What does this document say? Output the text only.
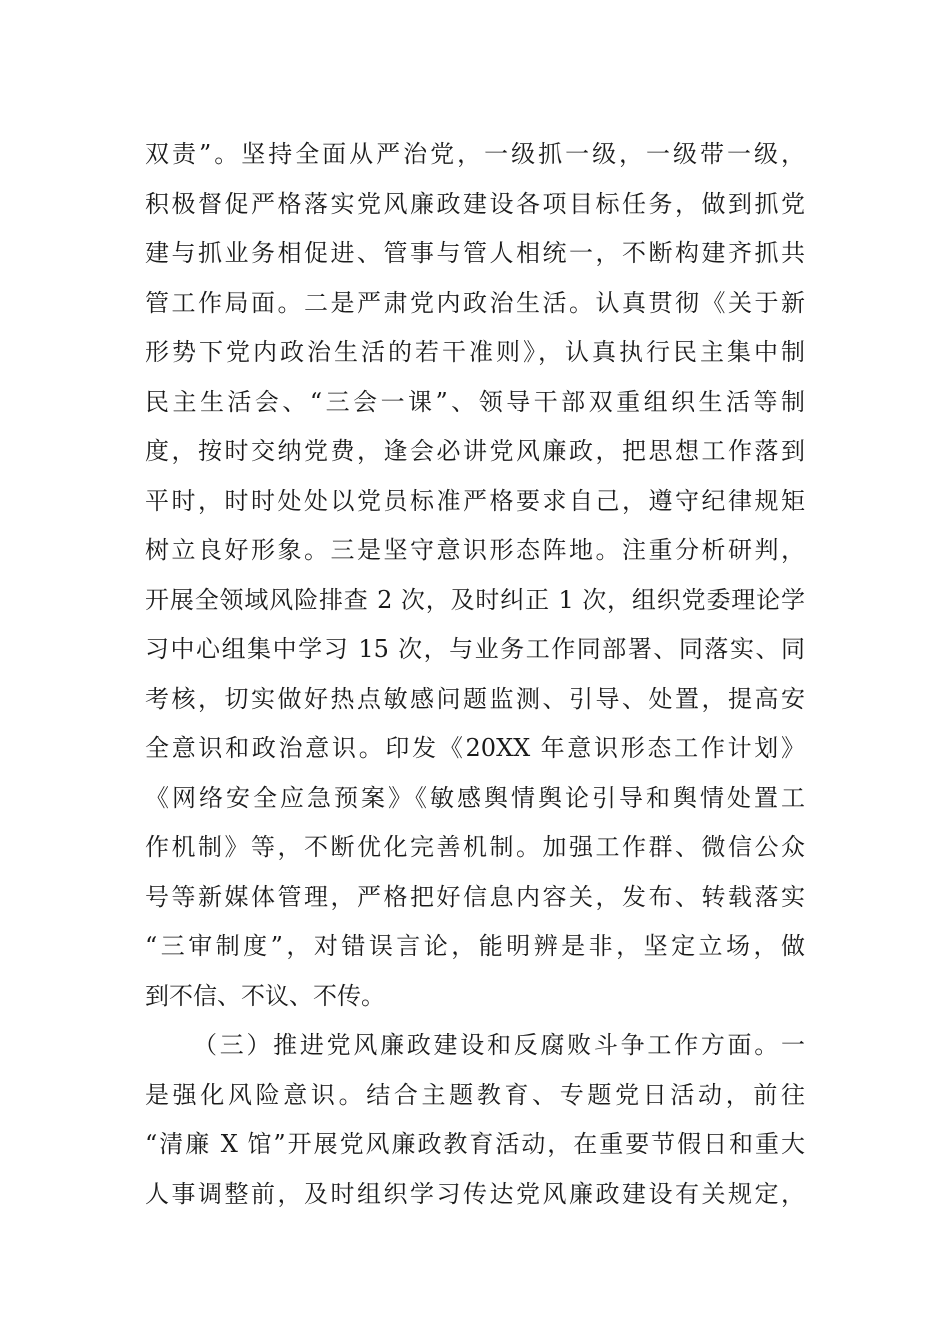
双责”。坚持全面从严治党，一级抓一级，一级带一级，
积极督促严格落实党风廉政建设各项目标任务，做到抓党
建与抓业务相促进、管事与管人相统一，不断构建齐抓共
管工作局面。二是严肃党内政治生活。认真贯彻《关于新
形势下党内政治生活的若干准则》，认真执行民主集中制
民主生活会、“三会一课”、领导干部双重组织生活等制
度，按时交纳党费，逢会必讲党风廉政，把思想工作落到
平时，时时处处以党员标准严格要求自己，遵守纪律规矩
树立良好形象。三是坚守意识形态阵地。注重分析研判，
开展全领域风险排查 2 次，及时纠正 1 次，组织党委理论学
习中心组集中学习 15 次，与业务工作同部署、同落实、同
考核，切实做好热点敏感问题监测、引导、处置，提高安
全意识和政治意识。印发《20XX 年意识形态工作计划》
《网络安全应急预案》《敏感舆情舆论引导和舆情处置工
作机制》等，不断优化完善机制。加强工作群、微信公众
号等新媒体管理，严格把好信息内容关，发布、转载落实
“三审制度”，对错误言论，能明辨是非，坚定立场，做
到不信、不议、不传。
（三）推进党风廉政建设和反腐败斗争工作方面。一
是强化风险意识。结合主题教育、专题党日活动，前往
“清廉 X 馆”开展党风廉政教育活动，在重要节假日和重大
人事调整前，及时组织学习传达党风廉政建设有关规定，
